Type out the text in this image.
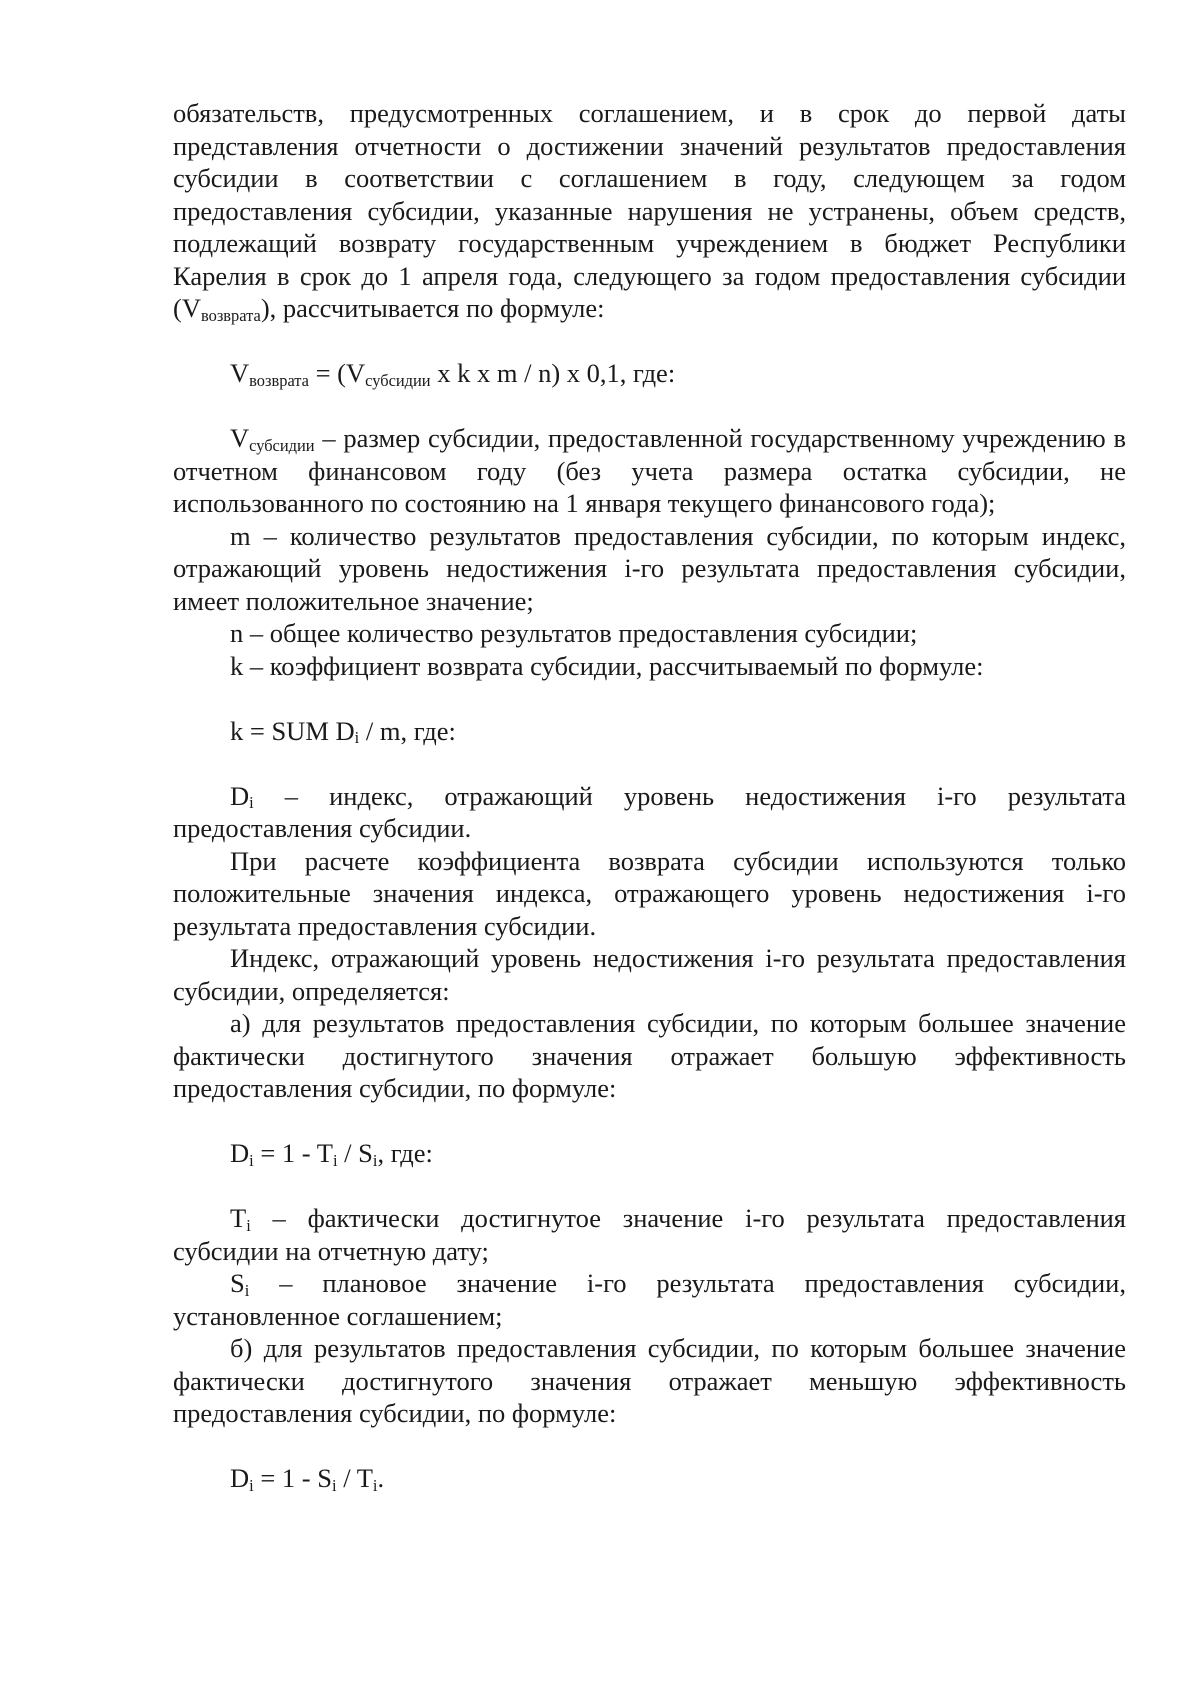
обязательств, предусмотренных соглашением, и в срок до первой даты представления отчетности о достижении значений результатов предоставления субсидии в соответствии с соглашением в году, следующем за годом предоставления субсидии, указанные нарушения не устранены, объем средств, подлежащий возврату государственным учреждением в бюджет Республики Карелия в срок до 1 апреля года, следующего за годом предоставления субсидии $(V_{возврата})$, рассчитывается по формуле:

$V_{возврата} = (V_{субсидии}$ x k x m / n) x 0,1, где:

$V_{субсидии}$ – размер субсидии, предоставленной государственному учреждению в отчетном финансовом году (без учета размера остатка субсидии, не использованного по состоянию на 1 января текущего финансового года);

m – количество результатов предоставления субсидии, по которым индекс, отражающий уровень недостижения i-го результата предоставления субсидии, имеет положительное значение;

n – общее количество результатов предоставления субсидии;

k – коэффициент возврата субсидии, рассчитываемый по формуле:

k = SUM $D_i$ / m, где:

$D_i$ – индекс, отражающий уровень недостижения i-го результата предоставления субсидии.

При расчете коэффициента возврата субсидии используются только положительные значения индекса, отражающего уровень недостижения i-го результата предоставления субсидии.

Индекс, отражающий уровень недостижения i-го результата предоставления субсидии, определяется:

а) для результатов предоставления субсидии, по которым большее значение фактически достигнутого значения отражает большую эффективность предоставления субсидии, по формуле:

$D_i = 1 - T_i / S_i$, где:

$T_i$ – фактически достигнутое значение i-го результата предоставления субсидии на отчетную дату;

$S_i$ – плановое значение i-го результата предоставления субсидии, установленное соглашением;

б) для результатов предоставления субсидии, по которым большее значение фактически достигнутого значения отражает меньшую эффективность предоставления субсидии, по формуле:

$D_i = 1 - S_i / T_i$.
